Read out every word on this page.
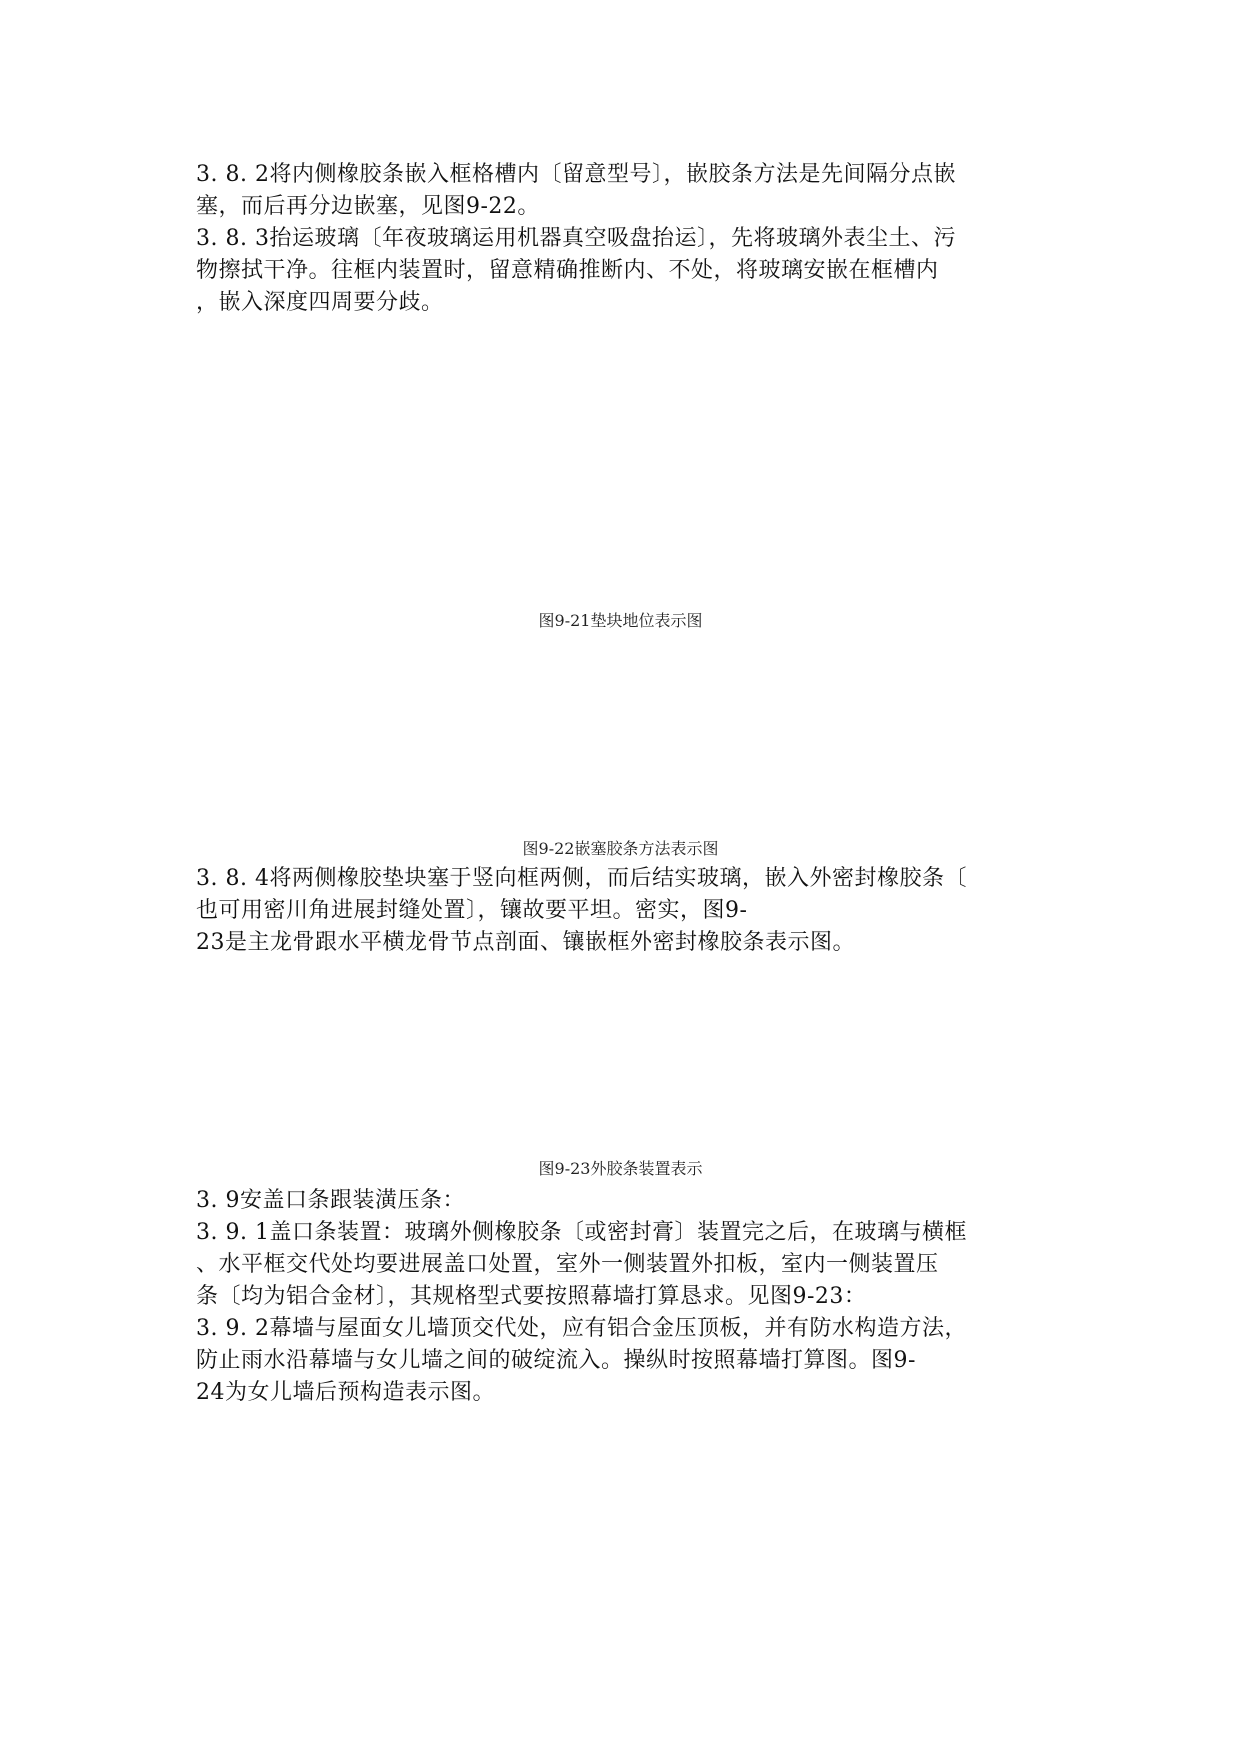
3. 8. 2将内侧橡胶条嵌入框格槽内〔留意型号〕，嵌胶条方法是先间隔分点嵌
塞，而后再分边嵌塞，见图9-22。
3. 8. 3抬运玻璃〔年夜玻璃运用机器真空吸盘抬运〕，先将玻璃外表尘土、污
物擦拭干净。往框内装置时，留意精确推断内、不处，将玻璃安嵌在框槽内
，嵌入深度四周要分歧。
图9-21垫块地位表示图
图9-22嵌塞胶条方法表示图
3. 8. 4将两侧橡胶垫块塞于竖向框两侧，而后结实玻璃，嵌入外密封橡胶条〔
也可用密川角进展封缝处置〕，镶故要平坦。密实，图9-
23是主龙骨跟水平横龙骨节点剖面、镶嵌框外密封橡胶条表示图。
图9-23外胶条装置表示
3. 9安盖口条跟装潢压条：
3. 9. 1盖口条装置：玻璃外侧橡胶条〔或密封膏〕装置完之后，在玻璃与横框
、水平框交代处均要进展盖口处置，室外一侧装置外扣板，室内一侧装置压
条〔均为铝合金材〕，其规格型式要按照幕墙打算恳求。见图9-23：
3. 9. 2幕墙与屋面女儿墙顶交代处，应有铝合金压顶板，并有防水构造方法，
防止雨水沿幕墙与女儿墙之间的破绽流入。操纵时按照幕墙打算图。图9-
24为女儿墙后预构造表示图。
